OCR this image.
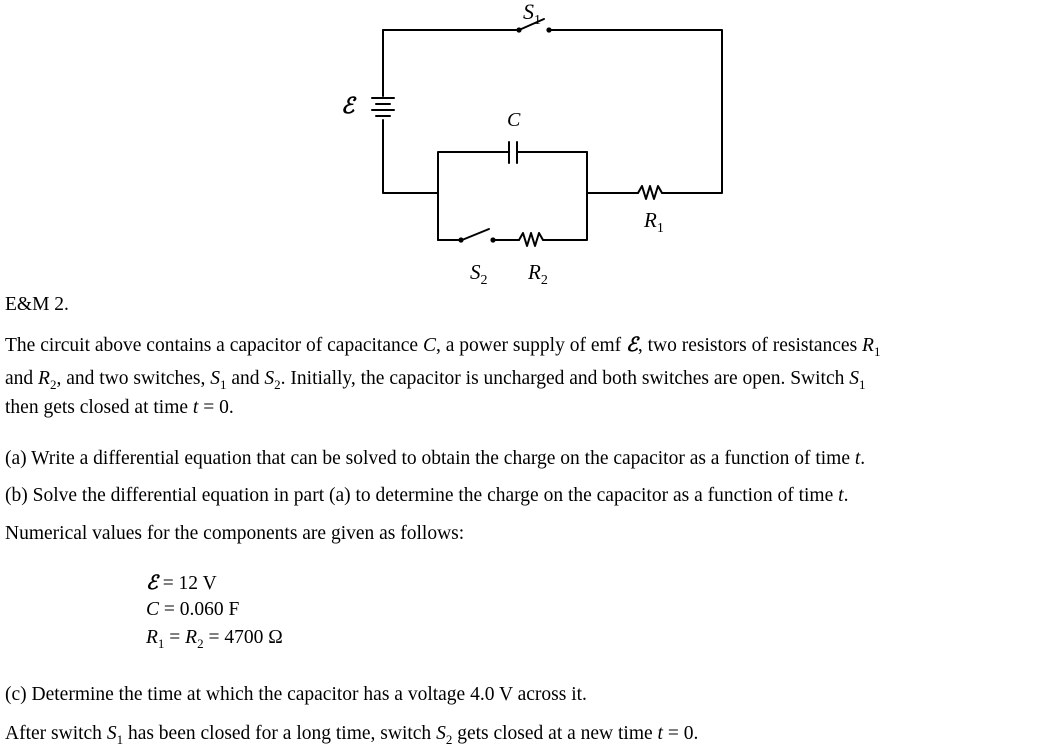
$S_1$
ℰ
C
$R_1$
$S_2$ $R_2$
E&M 2.
The circuit above contains a capacitor of capacitance C, a power supply of emf ℰ, two resistors of resistances $R_1$
and $R_2$, and two switches, $S_1$ and $S_2$. Initially, the capacitor is uncharged and both switches are open. Switch $S_1$
then gets closed at time t = 0.
(a) Write a differential equation that can be solved to obtain the charge on the capacitor as a function of time t.
(b) Solve the differential equation in part (a) to determine the charge on the capacitor as a function of time t.
Numerical values for the components are given as follows:
ℰ = 12 V
C = 0.060 F
$R_1 = R_2 = 4700$ Ω
(c) Determine the time at which the capacitor has a voltage 4.0 V across it.
After switch $S_1$ has been closed for a long time, switch $S_2$ gets closed at a new time t = 0.
